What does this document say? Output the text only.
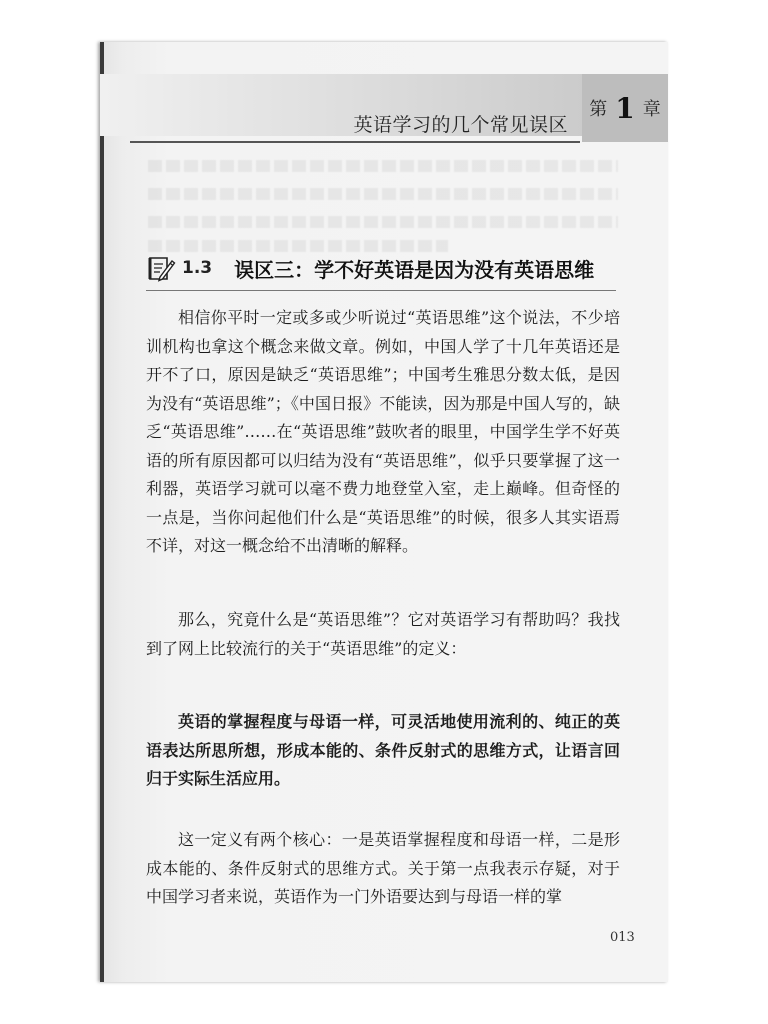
英语学习的几个常见误区
第 1 章
1.3 误区三：学不好英语是因为没有英语思维

相信你平时一定或多或少听说过“英语思维”这个说法，不少培训机构也拿这个概念来做文章。例如，中国人学了十几年英语还是开不了口，原因是缺乏“英语思维”；中国考生雅思分数太低，是因为没有“英语思维”；《中国日报》不能读，因为那是中国人写的，缺乏“英语思维”……在“英语思维”鼓吹者的眼里，中国学生学不好英语的所有原因都可以归结为没有“英语思维”，似乎只要掌握了这一利器，英语学习就可以毫不费力地登堂入室，走上巅峰。但奇怪的一点是，当你问起他们什么是“英语思维”的时候，很多人其实语焉不详，对这一概念给不出清晰的解释。

那么，究竟什么是“英语思维”？它对英语学习有帮助吗？我找到了网上比较流行的关于“英语思维”的定义：

英语的掌握程度与母语一样，可灵活地使用流利的、纯正的英语表达所思所想，形成本能的、条件反射式的思维方式，让语言回归于实际生活应用。

这一定义有两个核心：一是英语掌握程度和母语一样，二是形成本能的、条件反射式的思维方式。关于第一点我表示存疑，对于中国学习者来说，英语作为一门外语要达到与母语一样的掌

013
